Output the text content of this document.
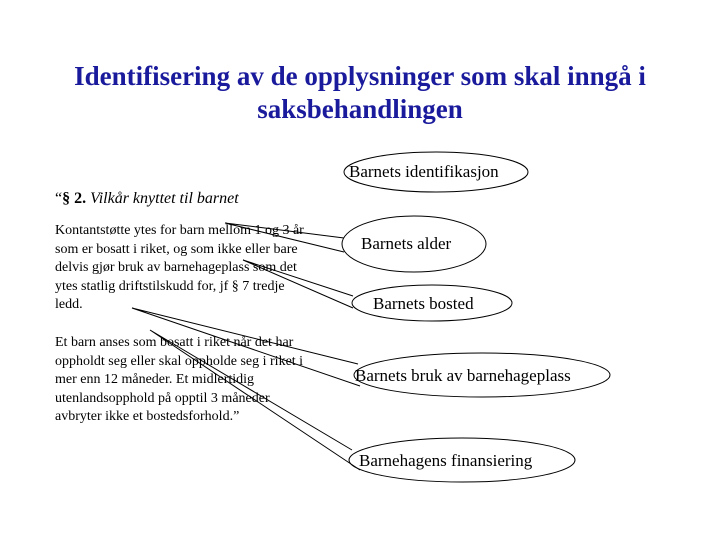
Identifisering av de opplysninger som skal inngå i saksbehandlingen
“§ 2. Vilkår knyttet til barnet
Kontantstøtte ytes for barn mellom 1 og 3 år som er bosatt i riket, og som ikke eller bare delvis gjør bruk av barnehageplass som det ytes statlig driftstilskudd for, jf § 7 tredje ledd.
Et barn anses som bosatt i riket når det har oppholdt seg eller skal oppholde seg i riket i mer enn 12 måneder. Et midlertidig utenlandsopphold på opptil 3 måneder avbryter ikke et bostedsforhold.”
Barnets identifikasjon
Barnets alder
Barnets bosted
Barnets bruk av barnehageplass
Barnehagens finansiering
